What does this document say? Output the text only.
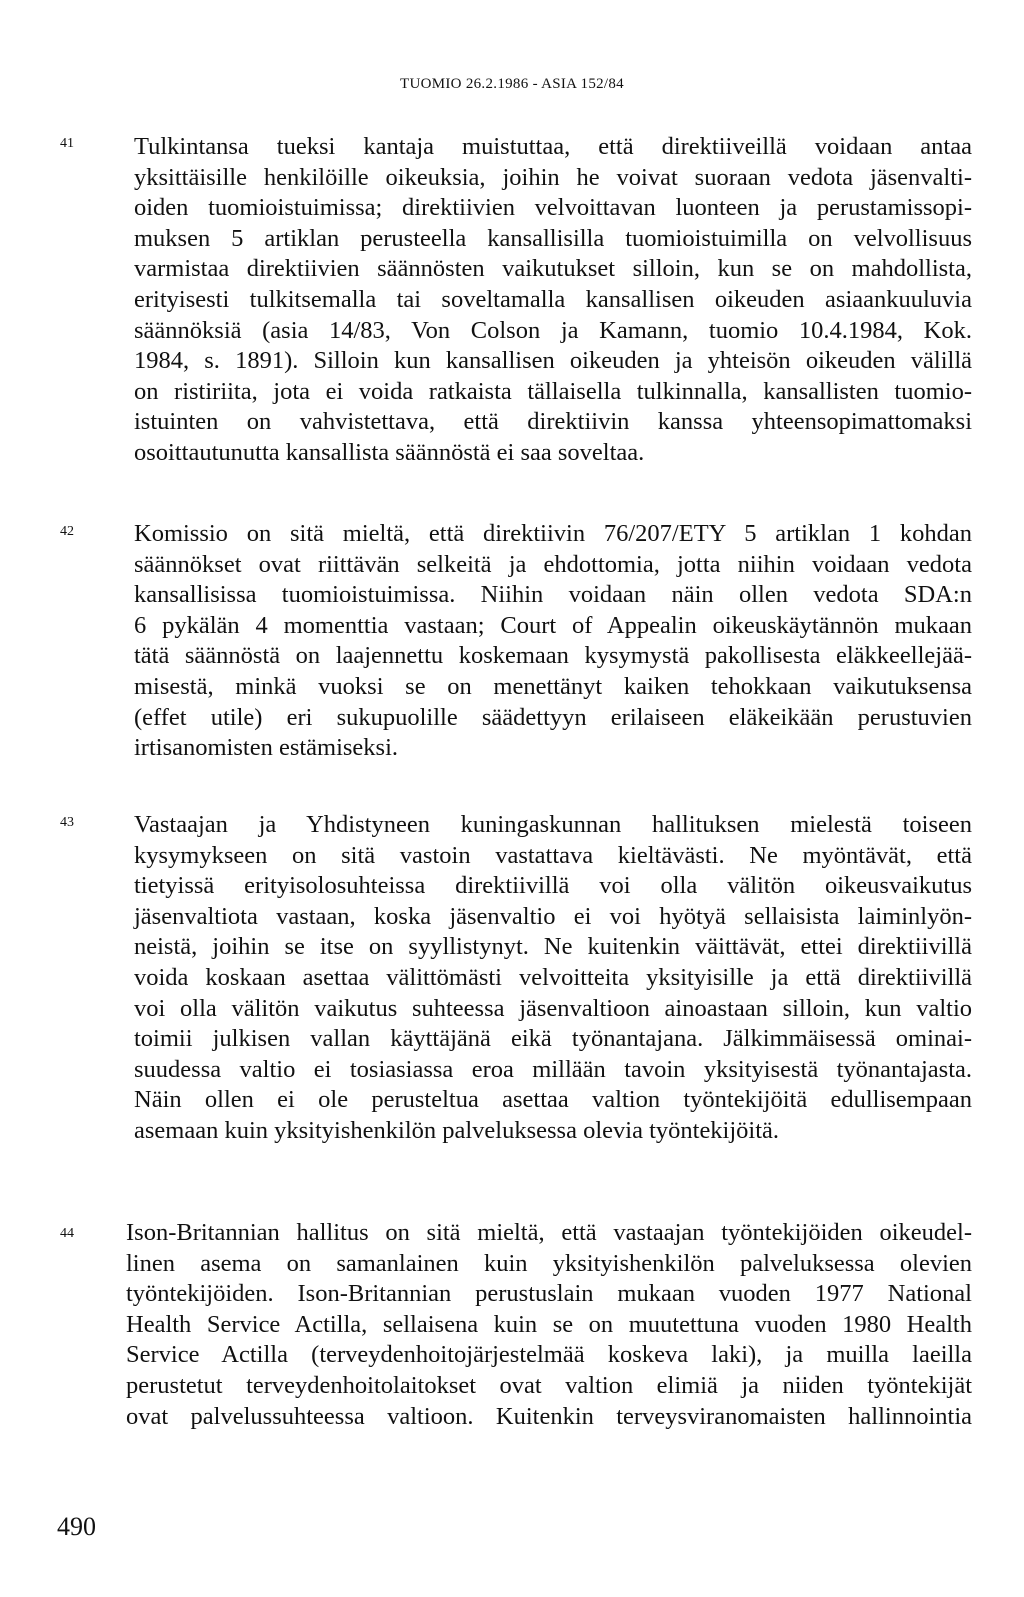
TUOMIO 26.2.1986 - ASIA 152/84
41 Tulkintansa tueksi kantaja muistuttaa, että direktiiveillä voidaan antaa
yksittäisille henkilöille oikeuksia, joihin he voivat suoraan vedota jäsenvalti-
oiden tuomioistuimissa; direktiivien velvoittavan luonteen ja perustamissopi-
muksen 5 artiklan perusteella kansallisilla tuomioistuimilla on velvollisuus
varmistaa direktiivien säännösten vaikutukset silloin, kun se on mahdollista,
erityisesti tulkitsemalla tai soveltamalla kansallisen oikeuden asiaankuuluvia
säännöksiä (asia 14/83, Von Colson ja Kamann, tuomio 10.4.1984, Kok.
1984, s. 1891). Silloin kun kansallisen oikeuden ja yhteisön oikeuden välillä
on ristiriita, jota ei voida ratkaista tällaisella tulkinnalla, kansallisten tuomio-
istuinten on vahvistettava, että direktiivin kanssa yhteensopimattomaksi
osoittautunutta kansallista säännöstä ei saa soveltaa.
42 Komissio on sitä mieltä, että direktiivin 76/207/ETY 5 artiklan 1 kohdan
säännökset ovat riittävän selkeitä ja ehdottomia, jotta niihin voidaan vedota
kansallisissa tuomioistuimissa. Niihin voidaan näin ollen vedota SDA:n
6 pykälän 4 momenttia vastaan; Court of Appealin oikeuskäytännön mukaan
tätä säännöstä on laajennettu koskemaan kysymystä pakollisesta eläkkeellejää-
misestä, minkä vuoksi se on menettänyt kaiken tehokkaan vaikutuksensa
(effet utile) eri sukupuolille säädettyyn erilaiseen eläkeikään perustuvien
irtisanomisten estämiseksi.
43 Vastaajan ja Yhdistyneen kuningaskunnan hallituksen mielestä toiseen
kysymykseen on sitä vastoin vastattava kieltävästi. Ne myöntävät, että
tietyissä erityisolosuhteissa direktiivillä voi olla välitön oikeusvaikutus
jäsenvaltiota vastaan, koska jäsenvaltio ei voi hyötyä sellaisista laiminlyön-
neistä, joihin se itse on syyllistynyt. Ne kuitenkin väittävät, ettei direktiivillä
voida koskaan asettaa välittömästi velvoitteita yksityisille ja että direktiivillä
voi olla välitön vaikutus suhteessa jäsenvaltioon ainoastaan silloin, kun valtio
toimii julkisen vallan käyttäjänä eikä työnantajana. Jälkimmäisessä ominai-
suudessa valtio ei tosiasiassa eroa millään tavoin yksityisestä työnantajasta.
Näin ollen ei ole perusteltua asettaa valtion työntekijöitä edullisempaan
asemaan kuin yksityishenkilön palveluksessa olevia työntekijöitä.
44 Ison-Britannian hallitus on sitä mieltä, että vastaajan työntekijöiden oikeudel-
linen asema on samanlainen kuin yksityishenkilön palveluksessa olevien
työntekijöiden. Ison-Britannian perustuslain mukaan vuoden 1977 National
Health Service Actilla, sellaisena kuin se on muutettuna vuoden 1980 Health
Service Actilla (terveydenhoitojärjestelmää koskeva laki), ja muilla laeilla
perustetut terveydenhoitolaitokset ovat valtion elimiä ja niiden työntekijät
ovat palvelussuhteessa valtioon. Kuitenkin terveysviranomaisten hallinnointia
490
